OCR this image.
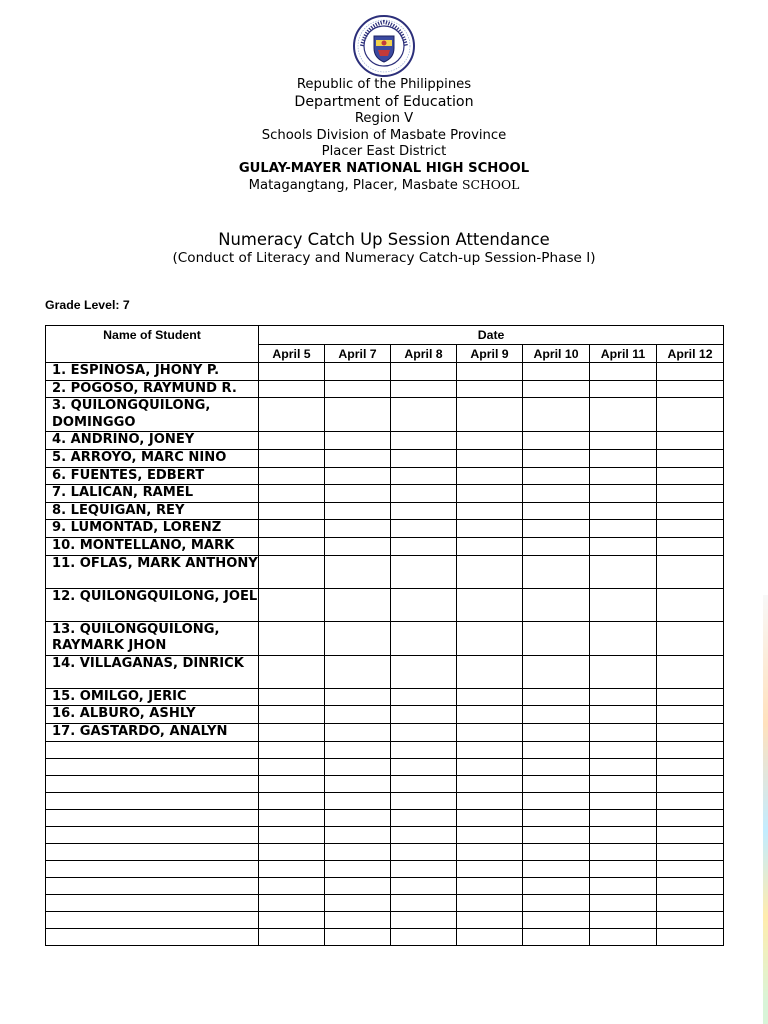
Republic of the Philippines
Department of Education
Region V
Schools Division of Masbate Province
Placer East District
GULAY-MAYER NATIONAL HIGH SCHOOL
Matagangtang, Placer, Masbate SCHOOL
Numeracy Catch Up Session Attendance
(Conduct of Literacy and Numeracy Catch-up Session-Phase I)
Grade Level: 7
Name of Student	Date						
	April 5	April 7	April 8	April 9	April 10	April 11	April 12
1. ESPINOSA, JHONY P.							
2. POGOSO, RAYMUND R.							
3. QUILONGQUILONG, DOMINGGO							
4. ANDRINO, JONEY							
5. ARROYO, MARC NINO							
6. FUENTES, EDBERT							
7. LALICAN, RAMEL							
8. LEQUIGAN, REY							
9. LUMONTAD, LORENZ							
10. MONTELLANO, MARK							
11. OFLAS, MARK ANTHONY							
12. QUILONGQUILONG, JOEL							
13. QUILONGQUILONG, RAYMARK JHON							
14. VILLAGANAS, DINRICK							
15. OMILGO, JERIC							
16. ALBURO, ASHLY							
17. GASTARDO, ANALYN							
